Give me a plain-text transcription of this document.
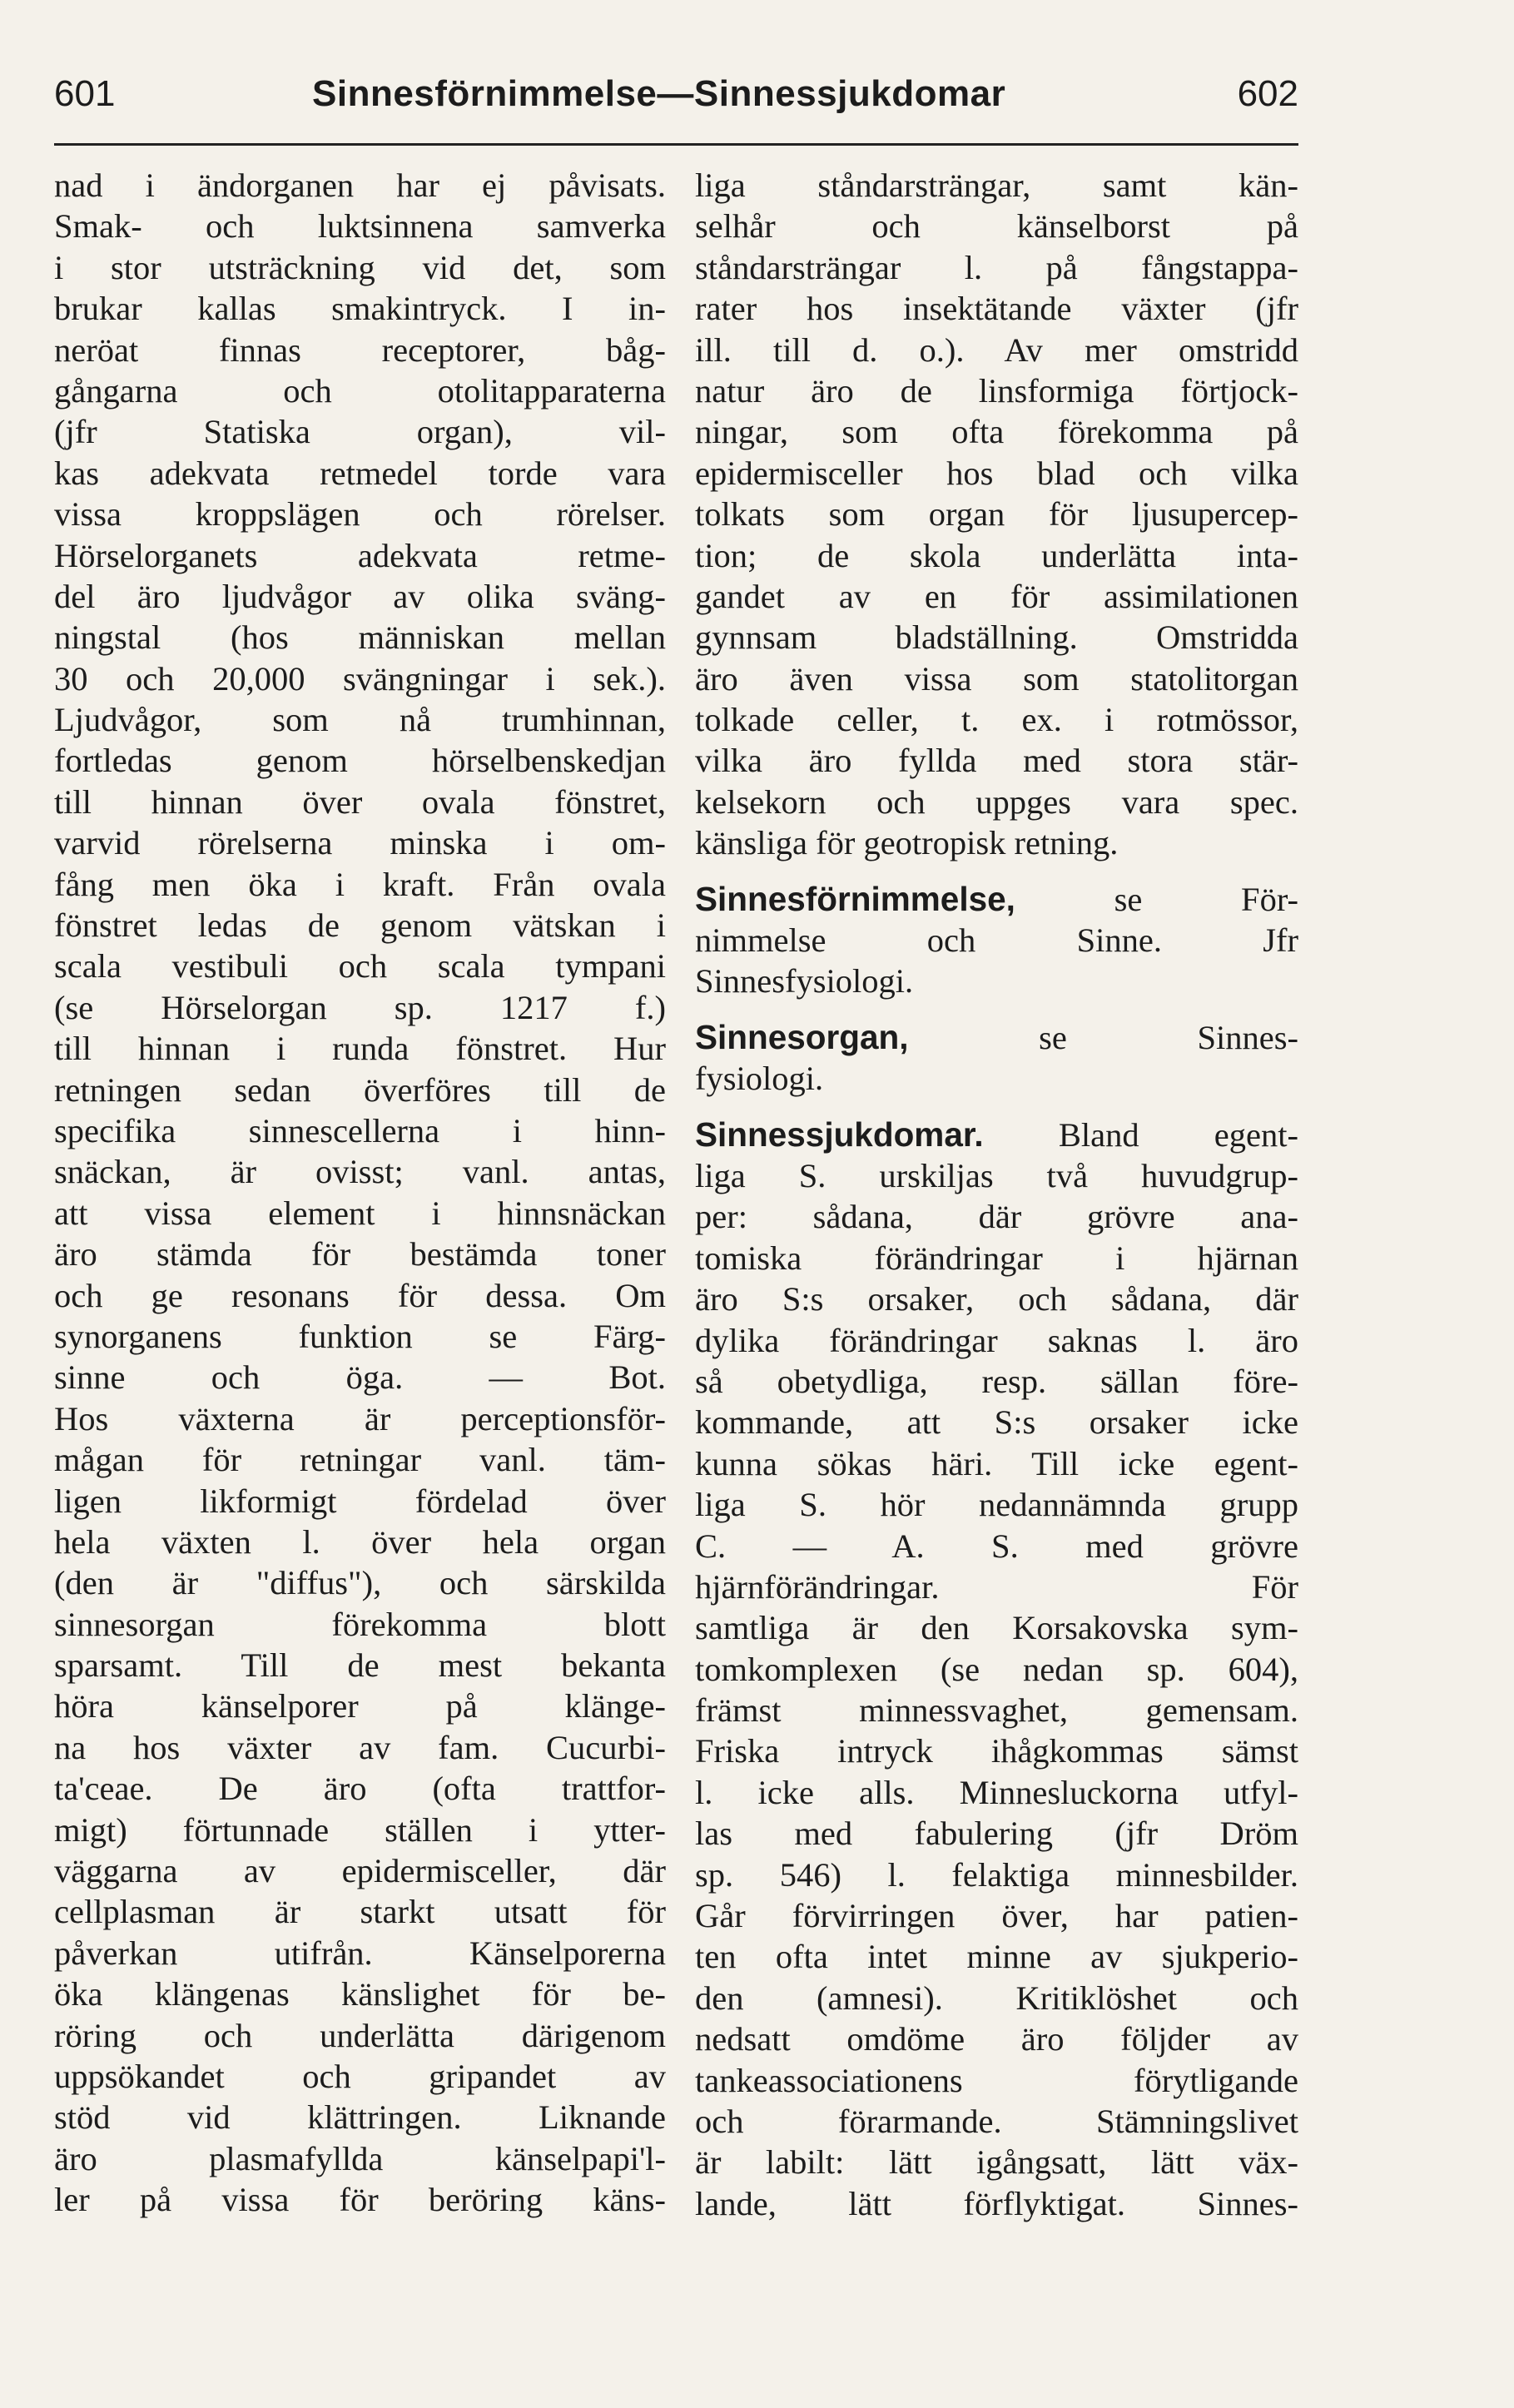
601	Sinnesförnimmelse—Sinnessjukdomar	602
nad i ändorganen har ej påvisats.
Smak- och luktsinnena samverka
i stor utsträckning vid det, som
brukar kallas smakintryck. I in-
neröat finnas receptorer, båg-
gångarna och otolitapparaterna
(jfr Statiska organ), vil-
kas adekvata retmedel torde vara
vissa kroppslägen och rörelser.
Hörselorganets adekvata retme-
del äro ljudvågor av olika sväng-
ningstal (hos människan mellan
30 och 20,000 svängningar i sek.).
Ljudvågor, som nå trumhinnan,
fortledas genom hörselbenskedjan
till hinnan över ovala fönstret,
varvid rörelserna minska i om-
fång men öka i kraft. Från ovala
fönstret ledas de genom vätskan i
scala vestibuli och scala tympani
(se Hörselorgan sp. 1217 f.)
till hinnan i runda fönstret. Hur
retningen sedan överföres till de
specifika sinnescellerna i hinn-
snäckan, är ovisst; vanl. antas,
att vissa element i hinnsnäckan
äro stämda för bestämda toner
och ge resonans för dessa. Om
synorganens funktion se Färg-
sinne och öga. — Bot.
Hos växterna är perceptionsför-
mågan för retningar vanl. täm-
ligen likformigt fördelad över
hela växten l. över hela organ
(den är "diffus"), och särskilda
sinnesorgan förekomma blott
sparsamt. Till de mest bekanta
höra känselporer på klänge-
na hos växter av fam. Cucurbi-
ta'ceae. De äro (ofta trattfor-
migt) förtunnade ställen i ytter-
väggarna av epidermisceller, där
cellplasman är starkt utsatt för
påverkan utifrån. Känselporerna
öka klängenas känslighet för be-
röring och underlätta därigenom
uppsökandet och gripandet av
stöd vid klättringen. Liknande
äro plasmafyllda känselpapi'l-
ler på vissa för beröring käns-
liga ståndarsträngar, samt kän-
selhår och känselborst på
ståndarsträngar l. på fångstappa-
rater hos insektätande växter (jfr
ill. till d. o.). Av mer omstridd
natur äro de linsformiga förtjock-
ningar, som ofta förekomma på
epidermisceller hos blad och vilka
tolkats som organ för ljusupercep-
tion; de skola underlätta inta-
gandet av en för assimilationen
gynnsam bladställning. Omstridda
äro även vissa som statolitorgan
tolkade celler, t. ex. i rotmössor,
vilka äro fyllda med stora stär-
kelsekorn och uppges vara spec.
känsliga för geotropisk retning.
Sinnesförnimmelse, se För-
nimmelse och Sinne. Jfr
Sinnesfysiologi.
Sinnesorgan, se Sinnes-
fysiologi.
Sinnessjukdomar. Bland egent-
liga S. urskiljas två huvudgrup-
per: sådana, där grövre ana-
tomiska förändringar i hjärnan
äro S:s orsaker, och sådana, där
dylika förändringar saknas l. äro
så obetydliga, resp. sällan före-
kommande, att S:s orsaker icke
kunna sökas häri. Till icke egent-
liga S. hör nedannämnda grupp
C. — A. S. med grövre
hjärnförändringar. För
samtliga är den Korsakovska sym-
tomkomplexen (se nedan sp. 604),
främst minnessvaghet, gemensam.
Friska intryck ihågkommas sämst
l. icke alls. Minnesluckorna utfyl-
las med fabulering (jfr Dröm
sp. 546) l. felaktiga minnesbilder.
Går förvirringen över, har patien-
ten ofta intet minne av sjukperio-
den (amnesi). Kritiklöshet och
nedsatt omdöme äro följder av
tankeassociationens förytligande
och förarmande. Stämningslivet
är labilt: lätt igångsatt, lätt väx-
lande, lätt förflyktigat. Sinnes-
